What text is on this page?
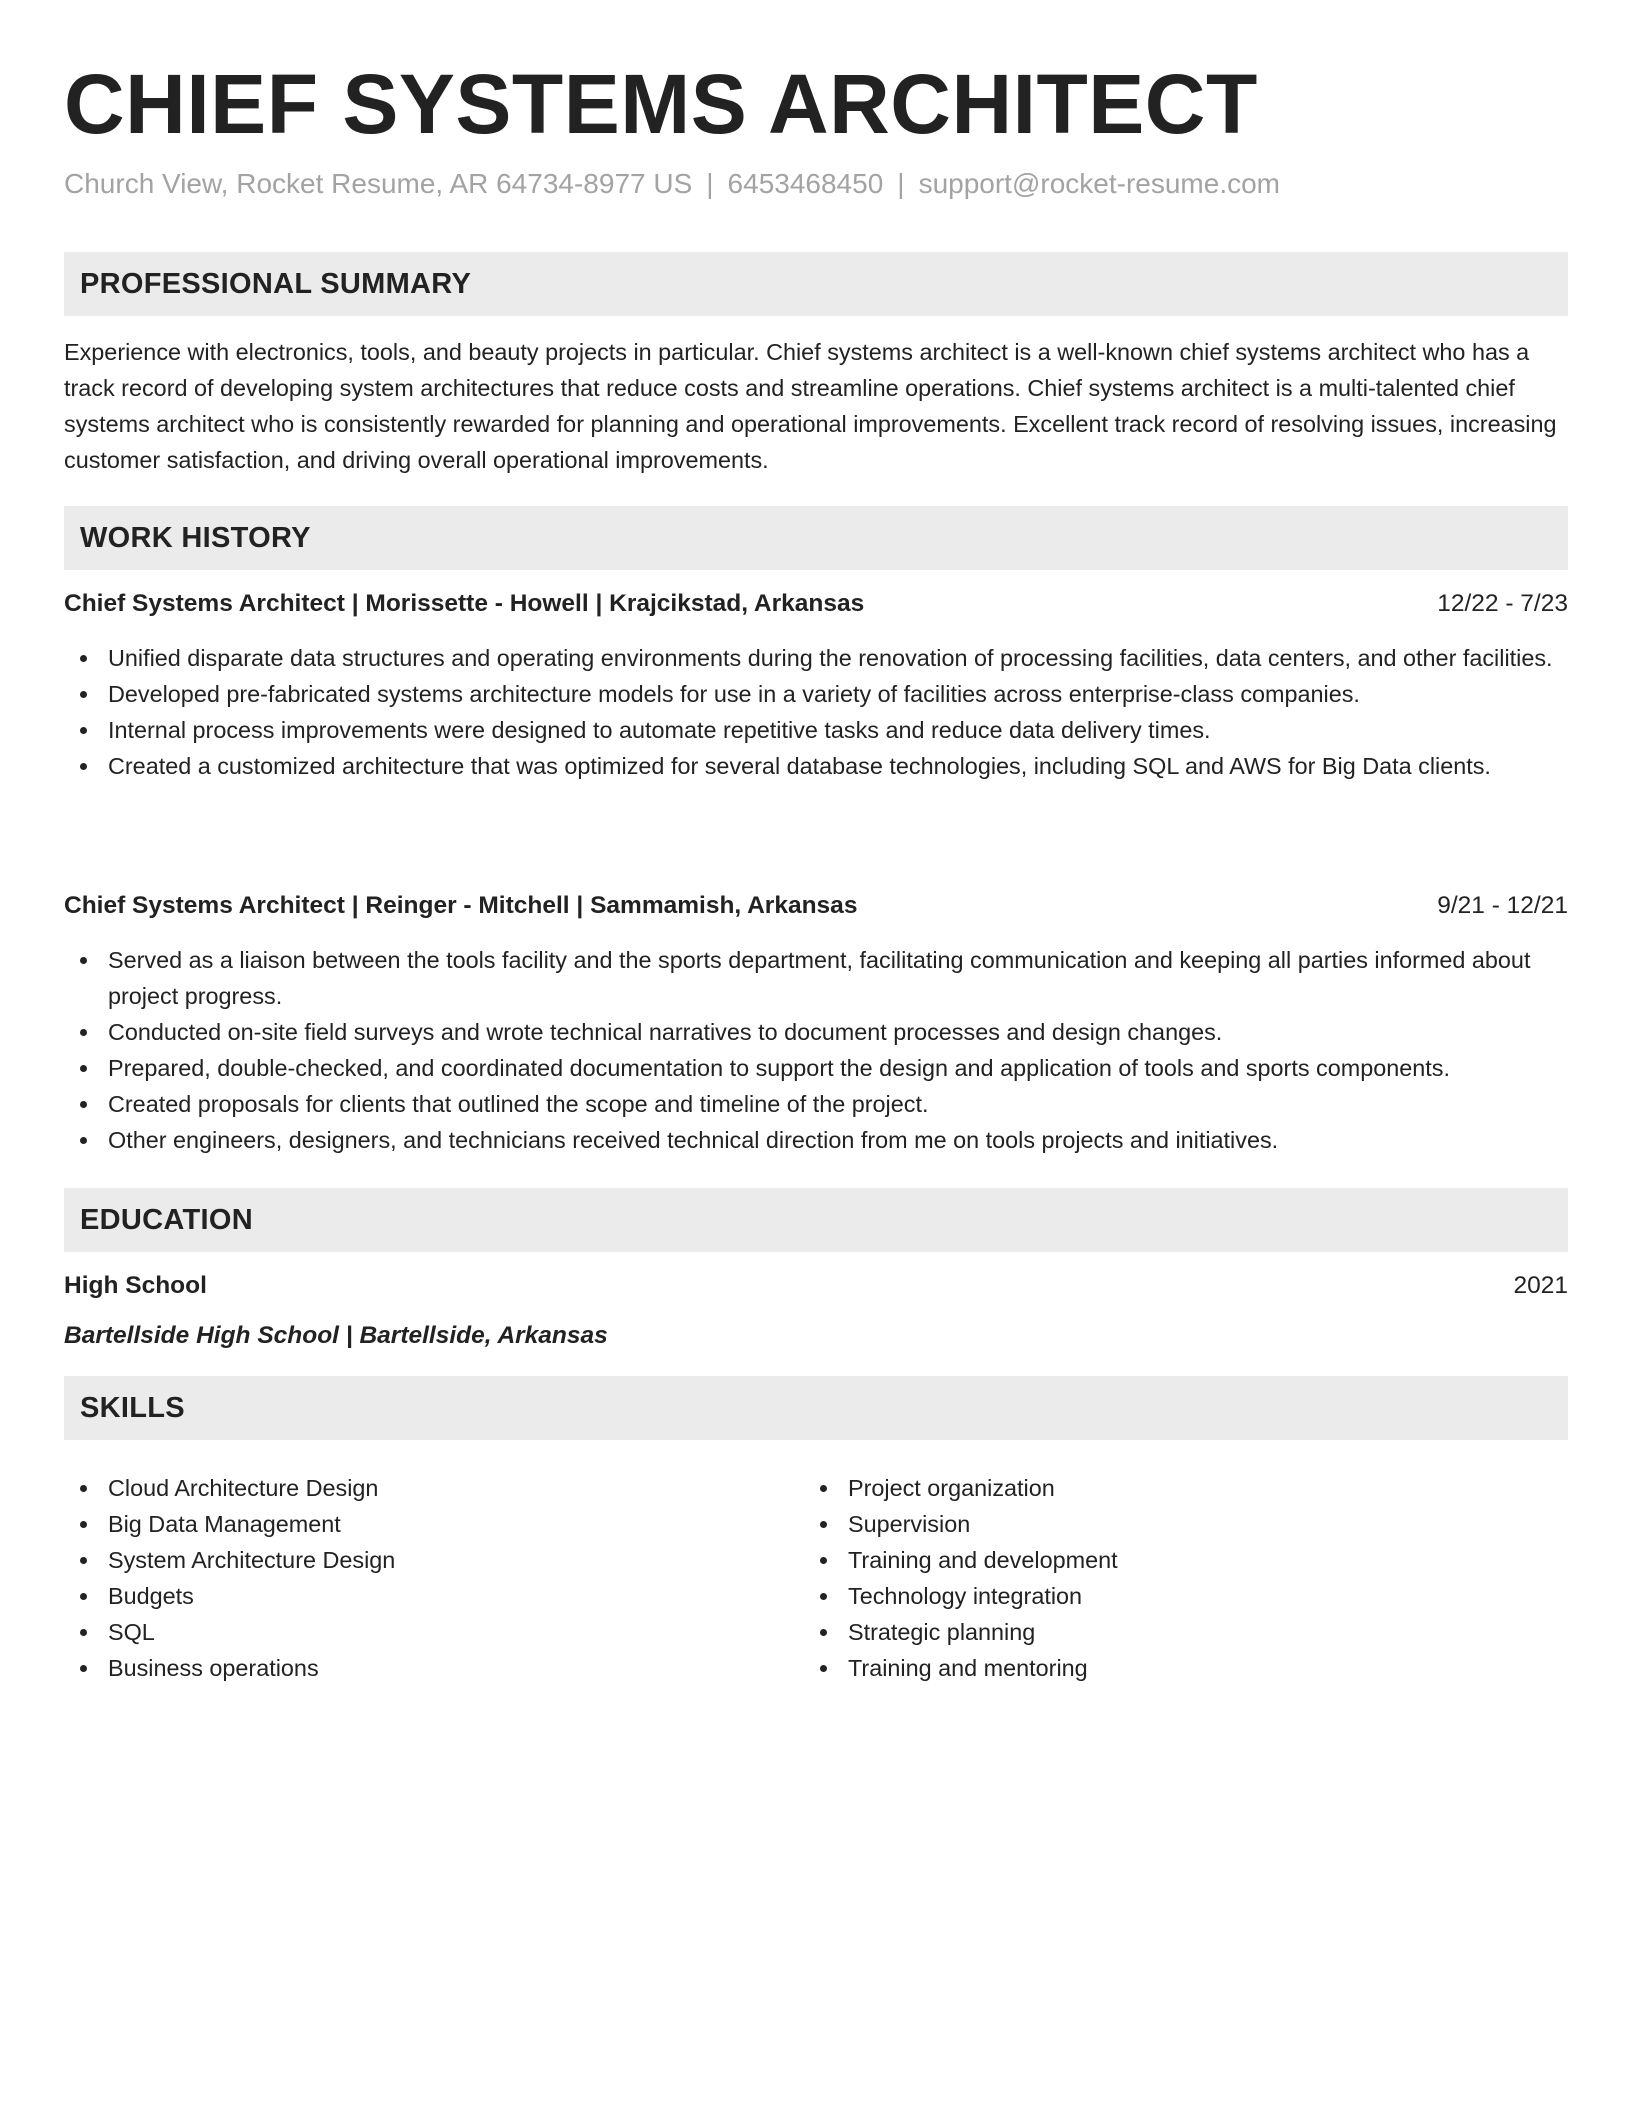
CHIEF SYSTEMS ARCHITECT
Church View, Rocket Resume, AR 64734-8977 US | 6453468450 | support@rocket-resume.com
PROFESSIONAL SUMMARY
Experience with electronics, tools, and beauty projects in particular. Chief systems architect is a well-known chief systems architect who has a track record of developing system architectures that reduce costs and streamline operations. Chief systems architect is a multi-talented chief systems architect who is consistently rewarded for planning and operational improvements. Excellent track record of resolving issues, increasing customer satisfaction, and driving overall operational improvements.
WORK HISTORY
Chief Systems Architect | Morissette - Howell | Krajcikstad, Arkansas	12/22 - 7/23
Unified disparate data structures and operating environments during the renovation of processing facilities, data centers, and other facilities.
Developed pre-fabricated systems architecture models for use in a variety of facilities across enterprise-class companies.
Internal process improvements were designed to automate repetitive tasks and reduce data delivery times.
Created a customized architecture that was optimized for several database technologies, including SQL and AWS for Big Data clients.
Chief Systems Architect | Reinger - Mitchell | Sammamish, Arkansas	9/21 - 12/21
Served as a liaison between the tools facility and the sports department, facilitating communication and keeping all parties informed about project progress.
Conducted on-site field surveys and wrote technical narratives to document processes and design changes.
Prepared, double-checked, and coordinated documentation to support the design and application of tools and sports components.
Created proposals for clients that outlined the scope and timeline of the project.
Other engineers, designers, and technicians received technical direction from me on tools projects and initiatives.
EDUCATION
High School	2021
Bartellside High School | Bartellside, Arkansas
SKILLS
Cloud Architecture Design
Big Data Management
System Architecture Design
Budgets
SQL
Business operations
Project organization
Supervision
Training and development
Technology integration
Strategic planning
Training and mentoring
